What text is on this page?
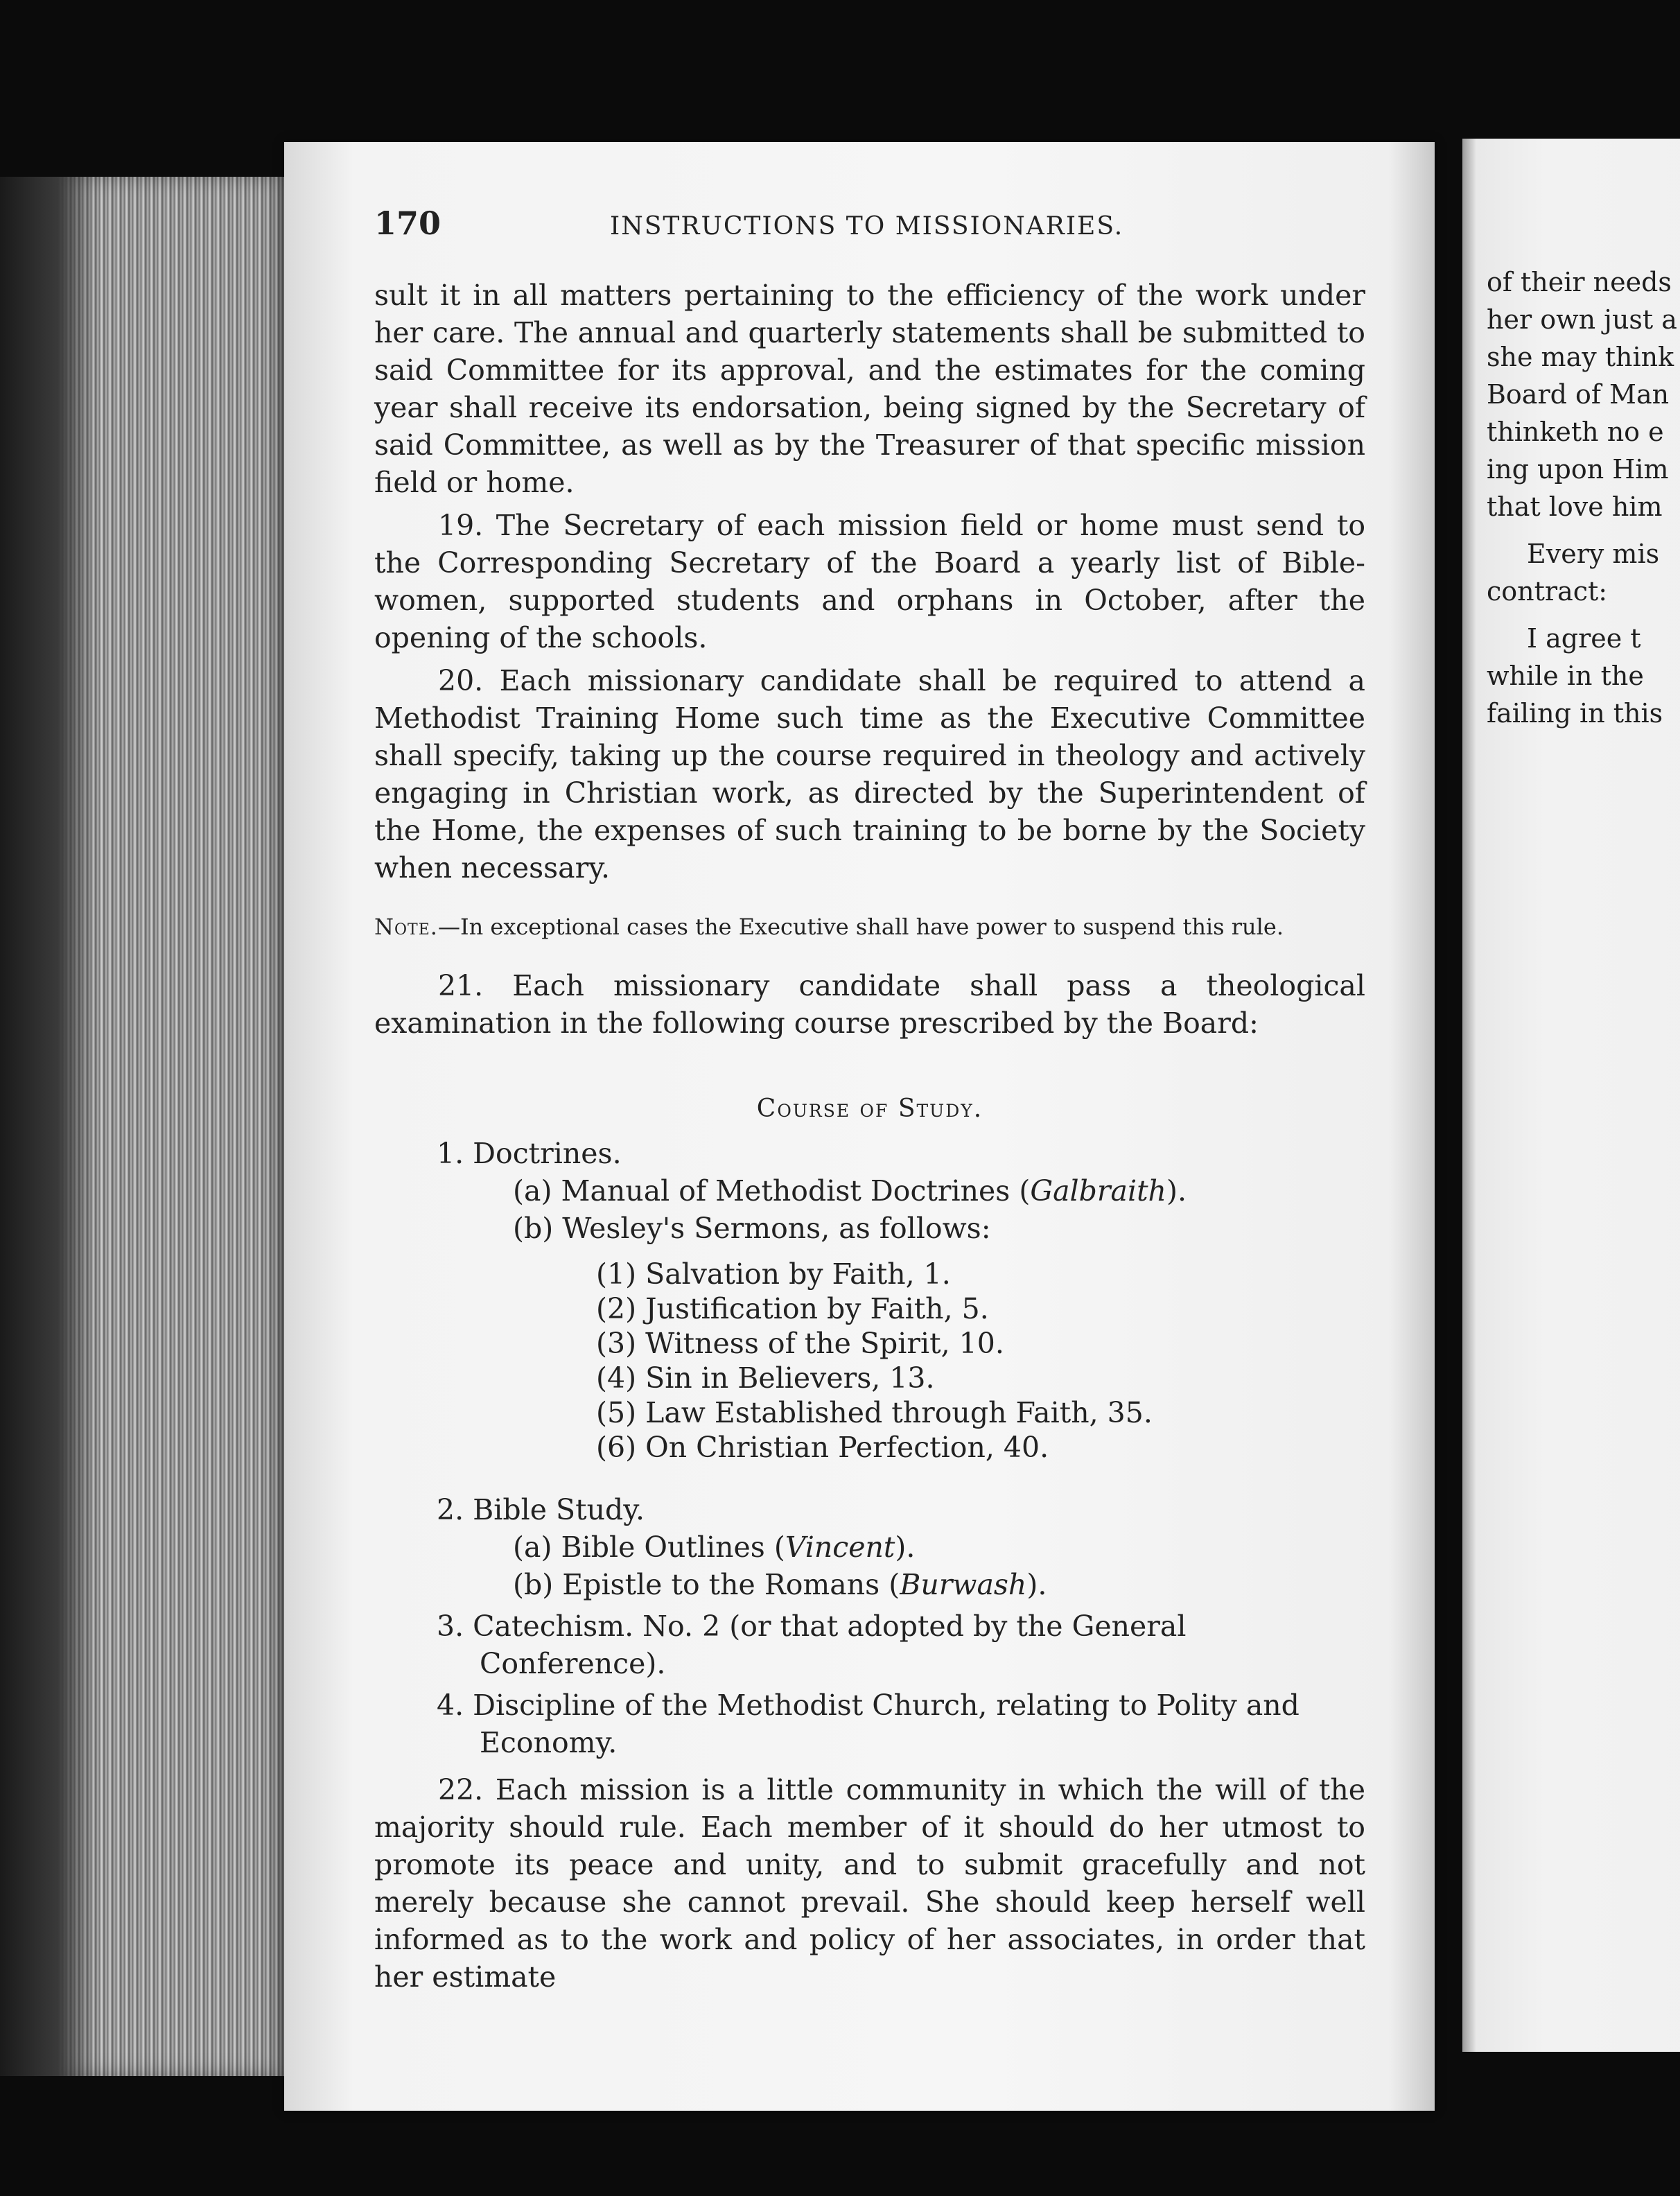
of their needs
her own just a
she may think
Board of Man
thinketh no e
ing upon Him
that love him
Every mis
contract:
I agree t
while in the
failing in this
170	INSTRUCTIONS TO MISSIONARIES.

sult it in all matters pertaining to the efficiency of the work under her care. The annual and quarterly statements shall be submitted to said Committee for its approval, and the estimates for the coming year shall receive its endorsation, being signed by the Secretary of said Committee, as well as by the Treasurer of that specific mission field or home.

19. The Secretary of each mission field or home must send to the Corresponding Secretary of the Board a yearly list of Bible-women, supported students and orphans in October, after the opening of the schools.

20. Each missionary candidate shall be required to attend a Methodist Training Home such time as the Executive Committee shall specify, taking up the course required in theology and actively engaging in Christian work, as directed by the Superintendent of the Home, the expenses of such training to be borne by the Society when necessary.

Note.—In exceptional cases the Executive shall have power to suspend this rule.

21. Each missionary candidate shall pass a theological examination in the following course prescribed by the Board:

Course of Study.
1. Doctrines.
(a) Manual of Methodist Doctrines (Galbraith).
(b) Wesley's Sermons, as follows:
(1) Salvation by Faith, 1.
(2) Justification by Faith, 5.
(3) Witness of the Spirit, 10.
(4) Sin in Believers, 13.
(5) Law Established through Faith, 35.
(6) On Christian Perfection, 40.
2. Bible Study.
(a) Bible Outlines (Vincent).
(b) Epistle to the Romans (Burwash).
3. Catechism. No. 2 (or that adopted by the General Conference).
4. Discipline of the Methodist Church, relating to Polity and Economy.

22. Each mission is a little community in which the will of the majority should rule. Each member of it should do her utmost to promote its peace and unity, and to submit gracefully and not merely because she cannot prevail. She should keep herself well informed as to the work and policy of her associates, in order that her estimate
